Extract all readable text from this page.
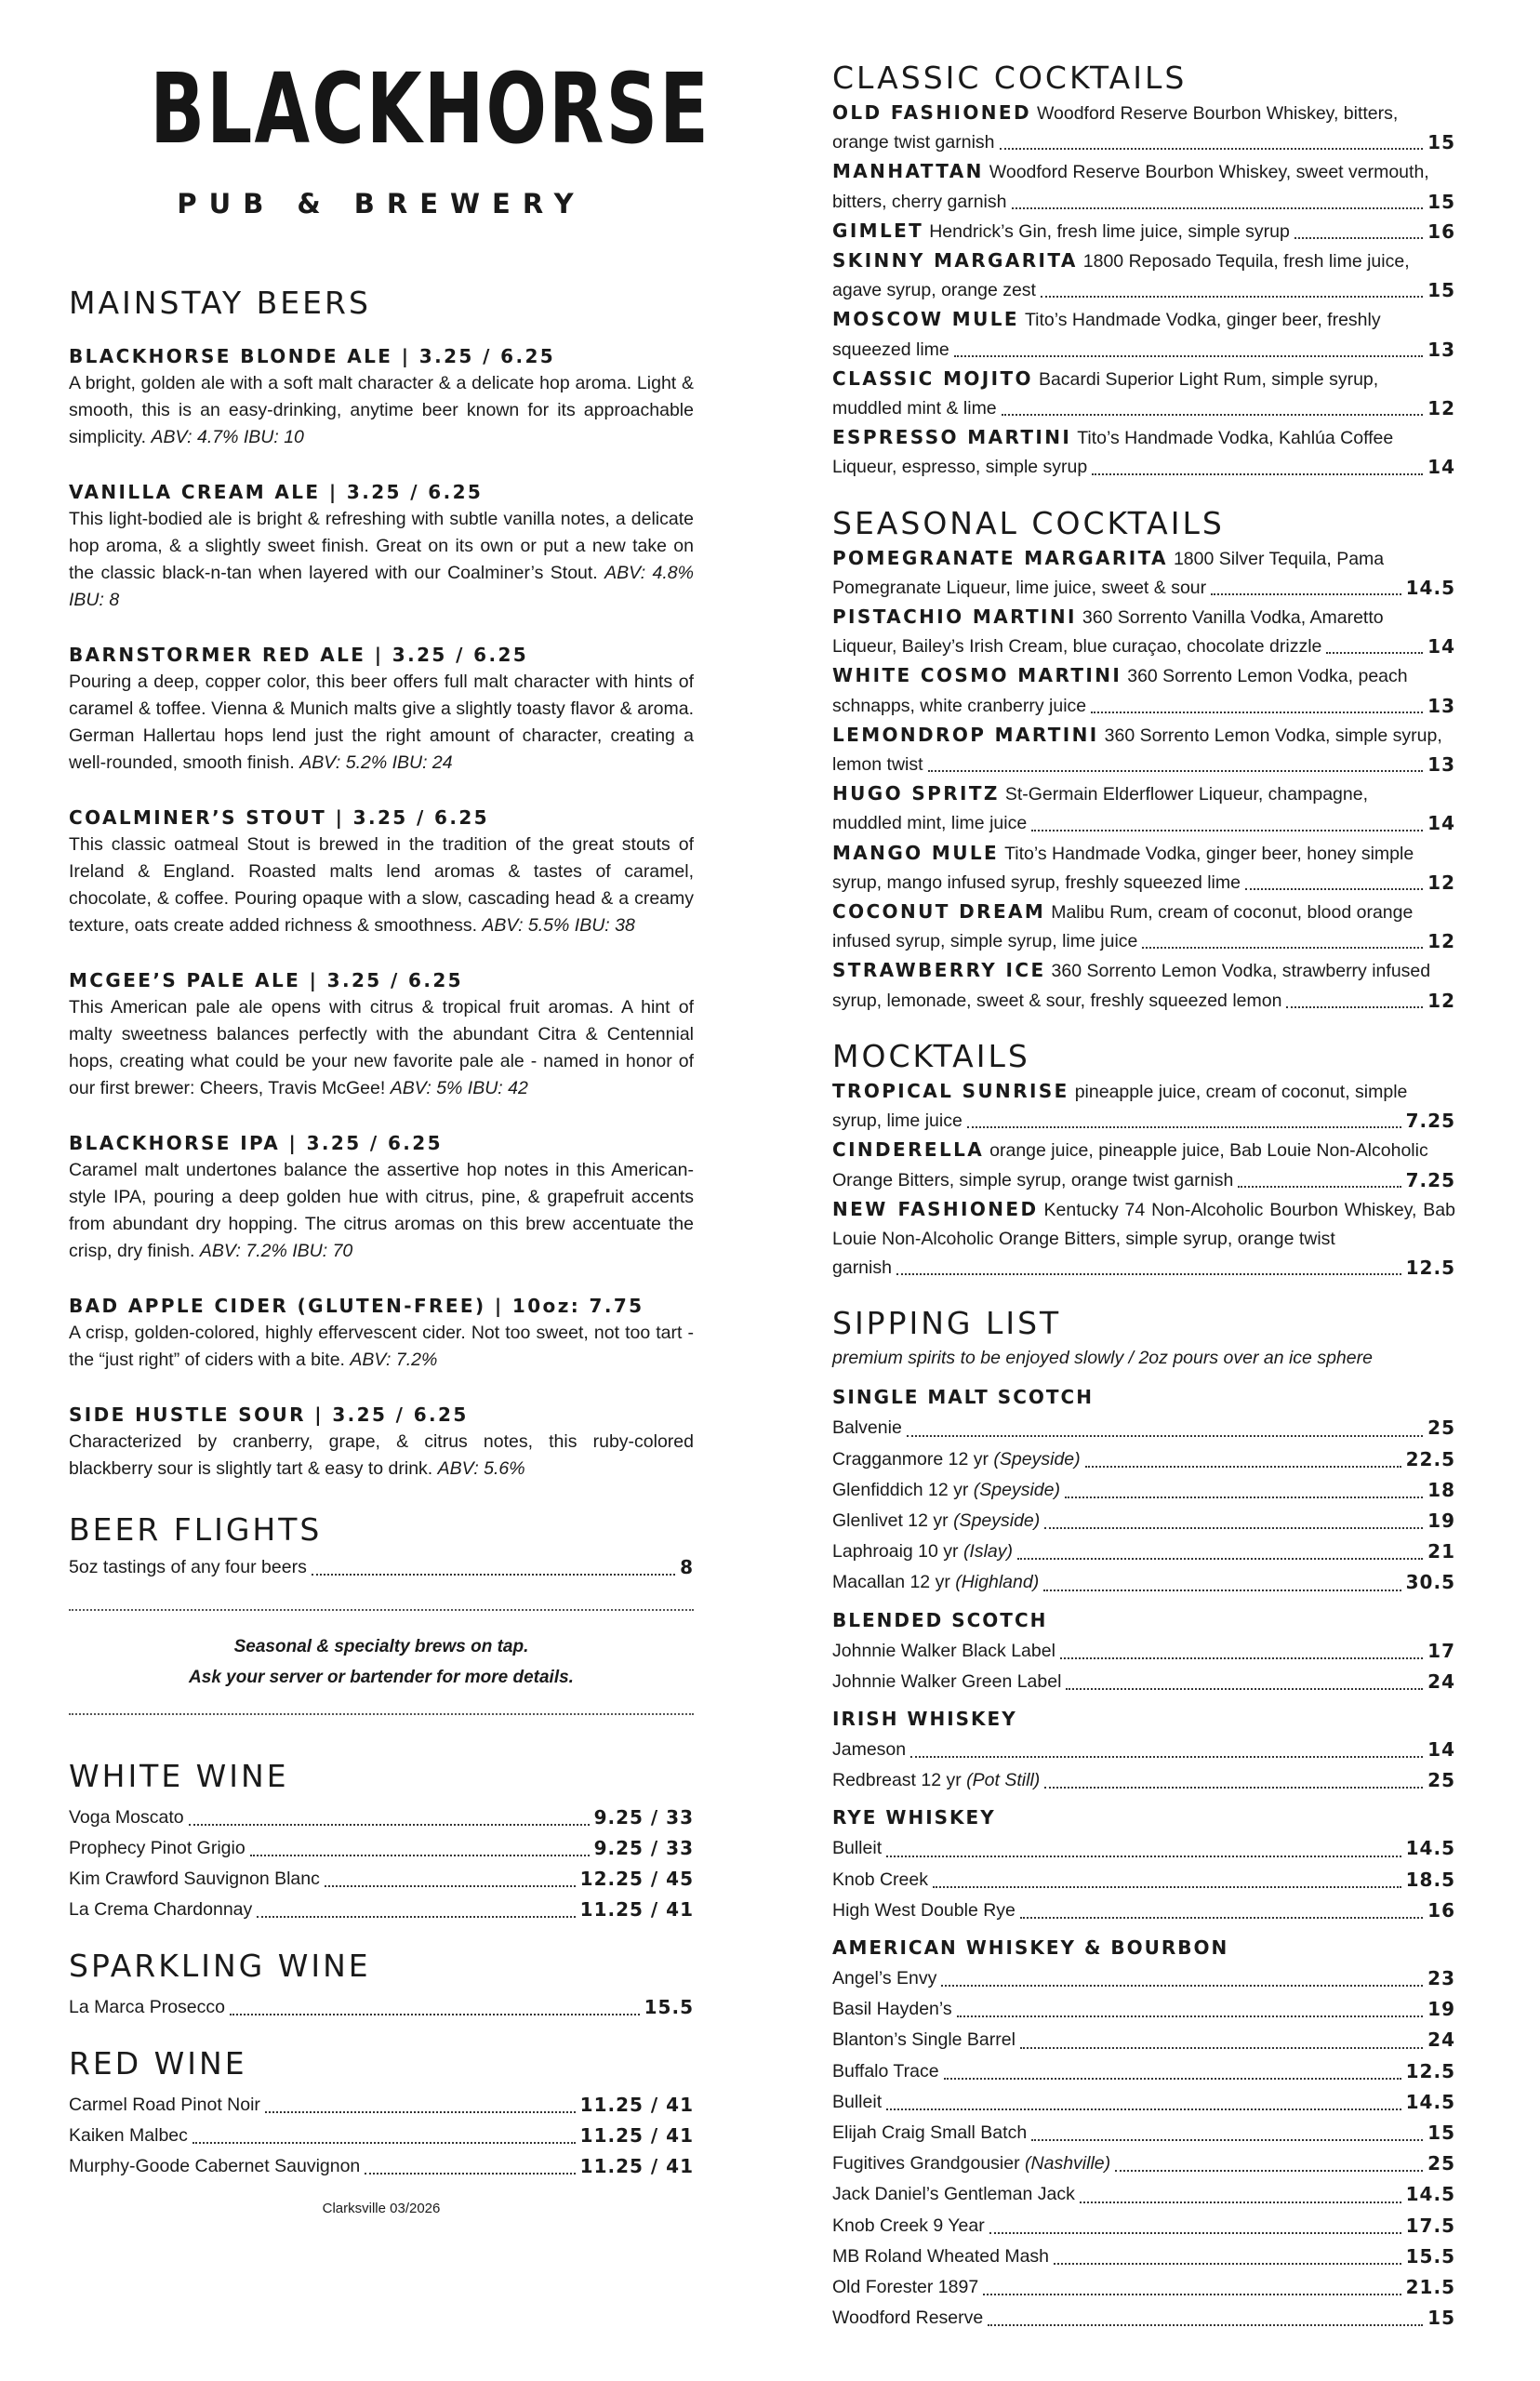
BLACKHORSE
PUB & BREWERY
MAINSTAY BEERS
BLACKHORSE BLONDE ALE | 3.25 / 6.25
A bright, golden ale with a soft malt character & a delicate hop aroma. Light & smooth, this is an easy-drinking, anytime beer known for its approachable simplicity. ABV: 4.7% IBU: 10
VANILLA CREAM ALE | 3.25 / 6.25
This light-bodied ale is bright & refreshing with subtle vanilla notes, a delicate hop aroma, & a slightly sweet finish. Great on its own or put a new take on the classic black-n-tan when layered with our Coalminer’s Stout. ABV: 4.8% IBU: 8
BARNSTORMER RED ALE | 3.25 / 6.25
Pouring a deep, copper color, this beer offers full malt character with hints of caramel & toffee. Vienna & Munich malts give a slightly toasty flavor & aroma. German Hallertau hops lend just the right amount of character, creating a well-rounded, smooth finish. ABV: 5.2% IBU: 24
COALMINER’S STOUT | 3.25 / 6.25
This classic oatmeal Stout is brewed in the tradition of the great stouts of Ireland & England. Roasted malts lend aromas & tastes of caramel, chocolate, & coffee. Pouring opaque with a slow, cascading head & a creamy texture, oats create added richness & smoothness. ABV: 5.5% IBU: 38
MCGEE’S PALE ALE | 3.25 / 6.25
This American pale ale opens with citrus & tropical fruit aromas. A hint of malty sweetness balances perfectly with the abundant Citra & Centennial hops, creating what could be your new favorite pale ale - named in honor of our first brewer: Cheers, Travis McGee! ABV: 5% IBU: 42
BLACKHORSE IPA | 3.25 / 6.25
Caramel malt undertones balance the assertive hop notes in this American-style IPA, pouring a deep golden hue with citrus, pine, & grapefruit accents from abundant dry hopping. The citrus aromas on this brew accentuate the crisp, dry finish. ABV: 7.2% IBU: 70
BAD APPLE CIDER (GLUTEN-FREE) | 10oz: 7.75
A crisp, golden-colored, highly effervescent cider. Not too sweet, not too tart - the “just right” of ciders with a bite. ABV: 7.2%
SIDE HUSTLE SOUR | 3.25 / 6.25
Characterized by cranberry, grape, & citrus notes, this ruby-colored blackberry sour is slightly tart & easy to drink. ABV: 5.6%
BEER FLIGHTS
5oz tastings of any four beers	8
Seasonal & specialty brews on tap.
Ask your server or bartender for more details.
WHITE WINE
Voga Moscato	9.25 / 33
Prophecy Pinot Grigio	9.25 / 33
Kim Crawford Sauvignon Blanc	12.25 / 45
La Crema Chardonnay	11.25 / 41
SPARKLING WINE
La Marca Prosecco	15.5
RED WINE
Carmel Road Pinot Noir	11.25 / 41
Kaiken Malbec	11.25 / 41
Murphy-Goode Cabernet Sauvignon	11.25 / 41
Clarksville 03/2026
CLASSIC COCKTAILS
OLD FASHIONED Woodford Reserve Bourbon Whiskey, bitters,
orange twist garnish	15
MANHATTAN Woodford Reserve Bourbon Whiskey, sweet vermouth,
bitters, cherry garnish	15
GIMLET Hendrick’s Gin, fresh lime juice, simple syrup	16
SKINNY MARGARITA 1800 Reposado Tequila, fresh lime juice,
agave syrup, orange zest	15
MOSCOW MULE Tito’s Handmade Vodka, ginger beer, freshly
squeezed lime	13
CLASSIC MOJITO Bacardi Superior Light Rum, simple syrup,
muddled mint & lime	12
ESPRESSO MARTINI Tito’s Handmade Vodka, Kahlúa Coffee
Liqueur, espresso, simple syrup	14
SEASONAL COCKTAILS
POMEGRANATE MARGARITA 1800 Silver Tequila, Pama
Pomegranate Liqueur, lime juice, sweet & sour	14.5
PISTACHIO MARTINI 360 Sorrento Vanilla Vodka, Amaretto
Liqueur, Bailey’s Irish Cream, blue curaçao, chocolate drizzle	14
WHITE COSMO MARTINI 360 Sorrento Lemon Vodka, peach
schnapps, white cranberry juice	13
LEMONDROP MARTINI 360 Sorrento Lemon Vodka, simple syrup,
lemon twist	13
HUGO SPRITZ St-Germain Elderflower Liqueur, champagne,
muddled mint, lime juice	14
MANGO MULE Tito’s Handmade Vodka, ginger beer, honey simple
syrup, mango infused syrup, freshly squeezed lime	12
COCONUT DREAM Malibu Rum, cream of coconut, blood orange
infused syrup, simple syrup, lime juice	12
STRAWBERRY ICE 360 Sorrento Lemon Vodka, strawberry infused
syrup, lemonade, sweet & sour, freshly squeezed lemon	12
MOCKTAILS
TROPICAL SUNRISE pineapple juice, cream of coconut, simple
syrup, lime juice	7.25
CINDERELLA orange juice, pineapple juice, Bab Louie Non-Alcoholic
Orange Bitters, simple syrup, orange twist garnish	7.25
NEW FASHIONED Kentucky 74 Non-Alcoholic Bourbon Whiskey, Bab Louie Non-Alcoholic Orange Bitters, simple syrup, orange twist
garnish	12.5
SIPPING LIST
premium spirits to be enjoyed slowly / 2oz pours over an ice sphere
SINGLE MALT SCOTCH
Balvenie	25
Cragganmore 12 yr (Speyside)	22.5
Glenfiddich 12 yr (Speyside)	18
Glenlivet 12 yr (Speyside)	19
Laphroaig 10 yr (Islay)	21
Macallan 12 yr (Highland)	30.5
BLENDED SCOTCH
Johnnie Walker Black Label	17
Johnnie Walker Green Label	24
IRISH WHISKEY
Jameson	14
Redbreast 12 yr (Pot Still)	25
RYE WHISKEY
Bulleit	14.5
Knob Creek	18.5
High West Double Rye	16
AMERICAN WHISKEY & BOURBON
Angel’s Envy	23
Basil Hayden’s	19
Blanton’s Single Barrel	24
Buffalo Trace	12.5
Bulleit	14.5
Elijah Craig Small Batch	15
Fugitives Grandgousier (Nashville)	25
Jack Daniel’s Gentleman Jack	14.5
Knob Creek 9 Year	17.5
MB Roland Wheated Mash	15.5
Old Forester 1897	21.5
Woodford Reserve	15
